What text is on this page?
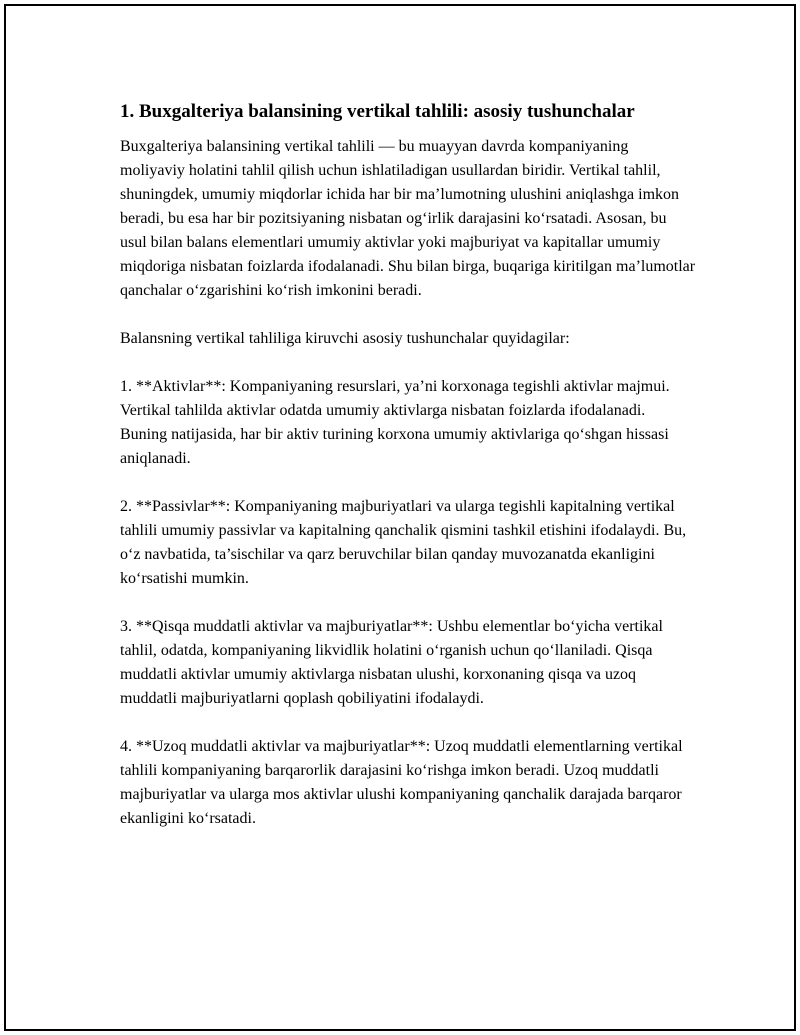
1. Buxgalteriya balansining vertikal tahlili: asosiy tushunchalar

Buxgalteriya balansining vertikal tahlili — bu muayyan davrda kompaniyaning moliyaviy holatini tahlil qilish uchun ishlatiladigan usullardan biridir. Vertikal tahlil, shuningdek, umumiy miqdorlar ichida har bir ma’lumotning ulushini aniqlashga imkon beradi, bu esa har bir pozitsiyaning nisbatan og‘irlik darajasini ko‘rsatadi. Asosan, bu usul bilan balans elementlari umumiy aktivlar yoki majburiyat va kapitallar umumiy miqdoriga nisbatan foizlarda ifodalanadi. Shu bilan birga, buqariga kiritilgan ma’lumotlar qanchalar o‘zgarishini ko‘rish imkonini beradi.

Balansning vertikal tahliliga kiruvchi asosiy tushunchalar quyidagilar:

1. **Aktivlar**: Kompaniyaning resurslari, ya’ni korxonaga tegishli aktivlar majmui. Vertikal tahlilda aktivlar odatda umumiy aktivlarga nisbatan foizlarda ifodalanadi. Buning natijasida, har bir aktiv turining korxona umumiy aktivlariga qo‘shgan hissasi aniqlanadi.

2. **Passivlar**: Kompaniyaning majburiyatlari va ularga tegishli kapitalning vertikal tahlili umumiy passivlar va kapitalning qanchalik qismini tashkil etishini ifodalaydi. Bu, o‘z navbatida, ta’sischilar va qarz beruvchilar bilan qanday muvozanatda ekanligini ko‘rsatishi mumkin.

3. **Qisqa muddatli aktivlar va majburiyatlar**: Ushbu elementlar bo‘yicha vertikal tahlil, odatda, kompaniyaning likvidlik holatini o‘rganish uchun qo‘llaniladi. Qisqa muddatli aktivlar umumiy aktivlarga nisbatan ulushi, korxonaning qisqa va uzoq muddatli majburiyatlarni qoplash qobiliyatini ifodalaydi.

4. **Uzoq muddatli aktivlar va majburiyatlar**: Uzoq muddatli elementlarning vertikal tahlili kompaniyaning barqarorlik darajasini ko‘rishga imkon beradi. Uzoq muddatli majburiyatlar va ularga mos aktivlar ulushi kompaniyaning qanchalik darajada barqaror ekanligini ko‘rsatadi.
